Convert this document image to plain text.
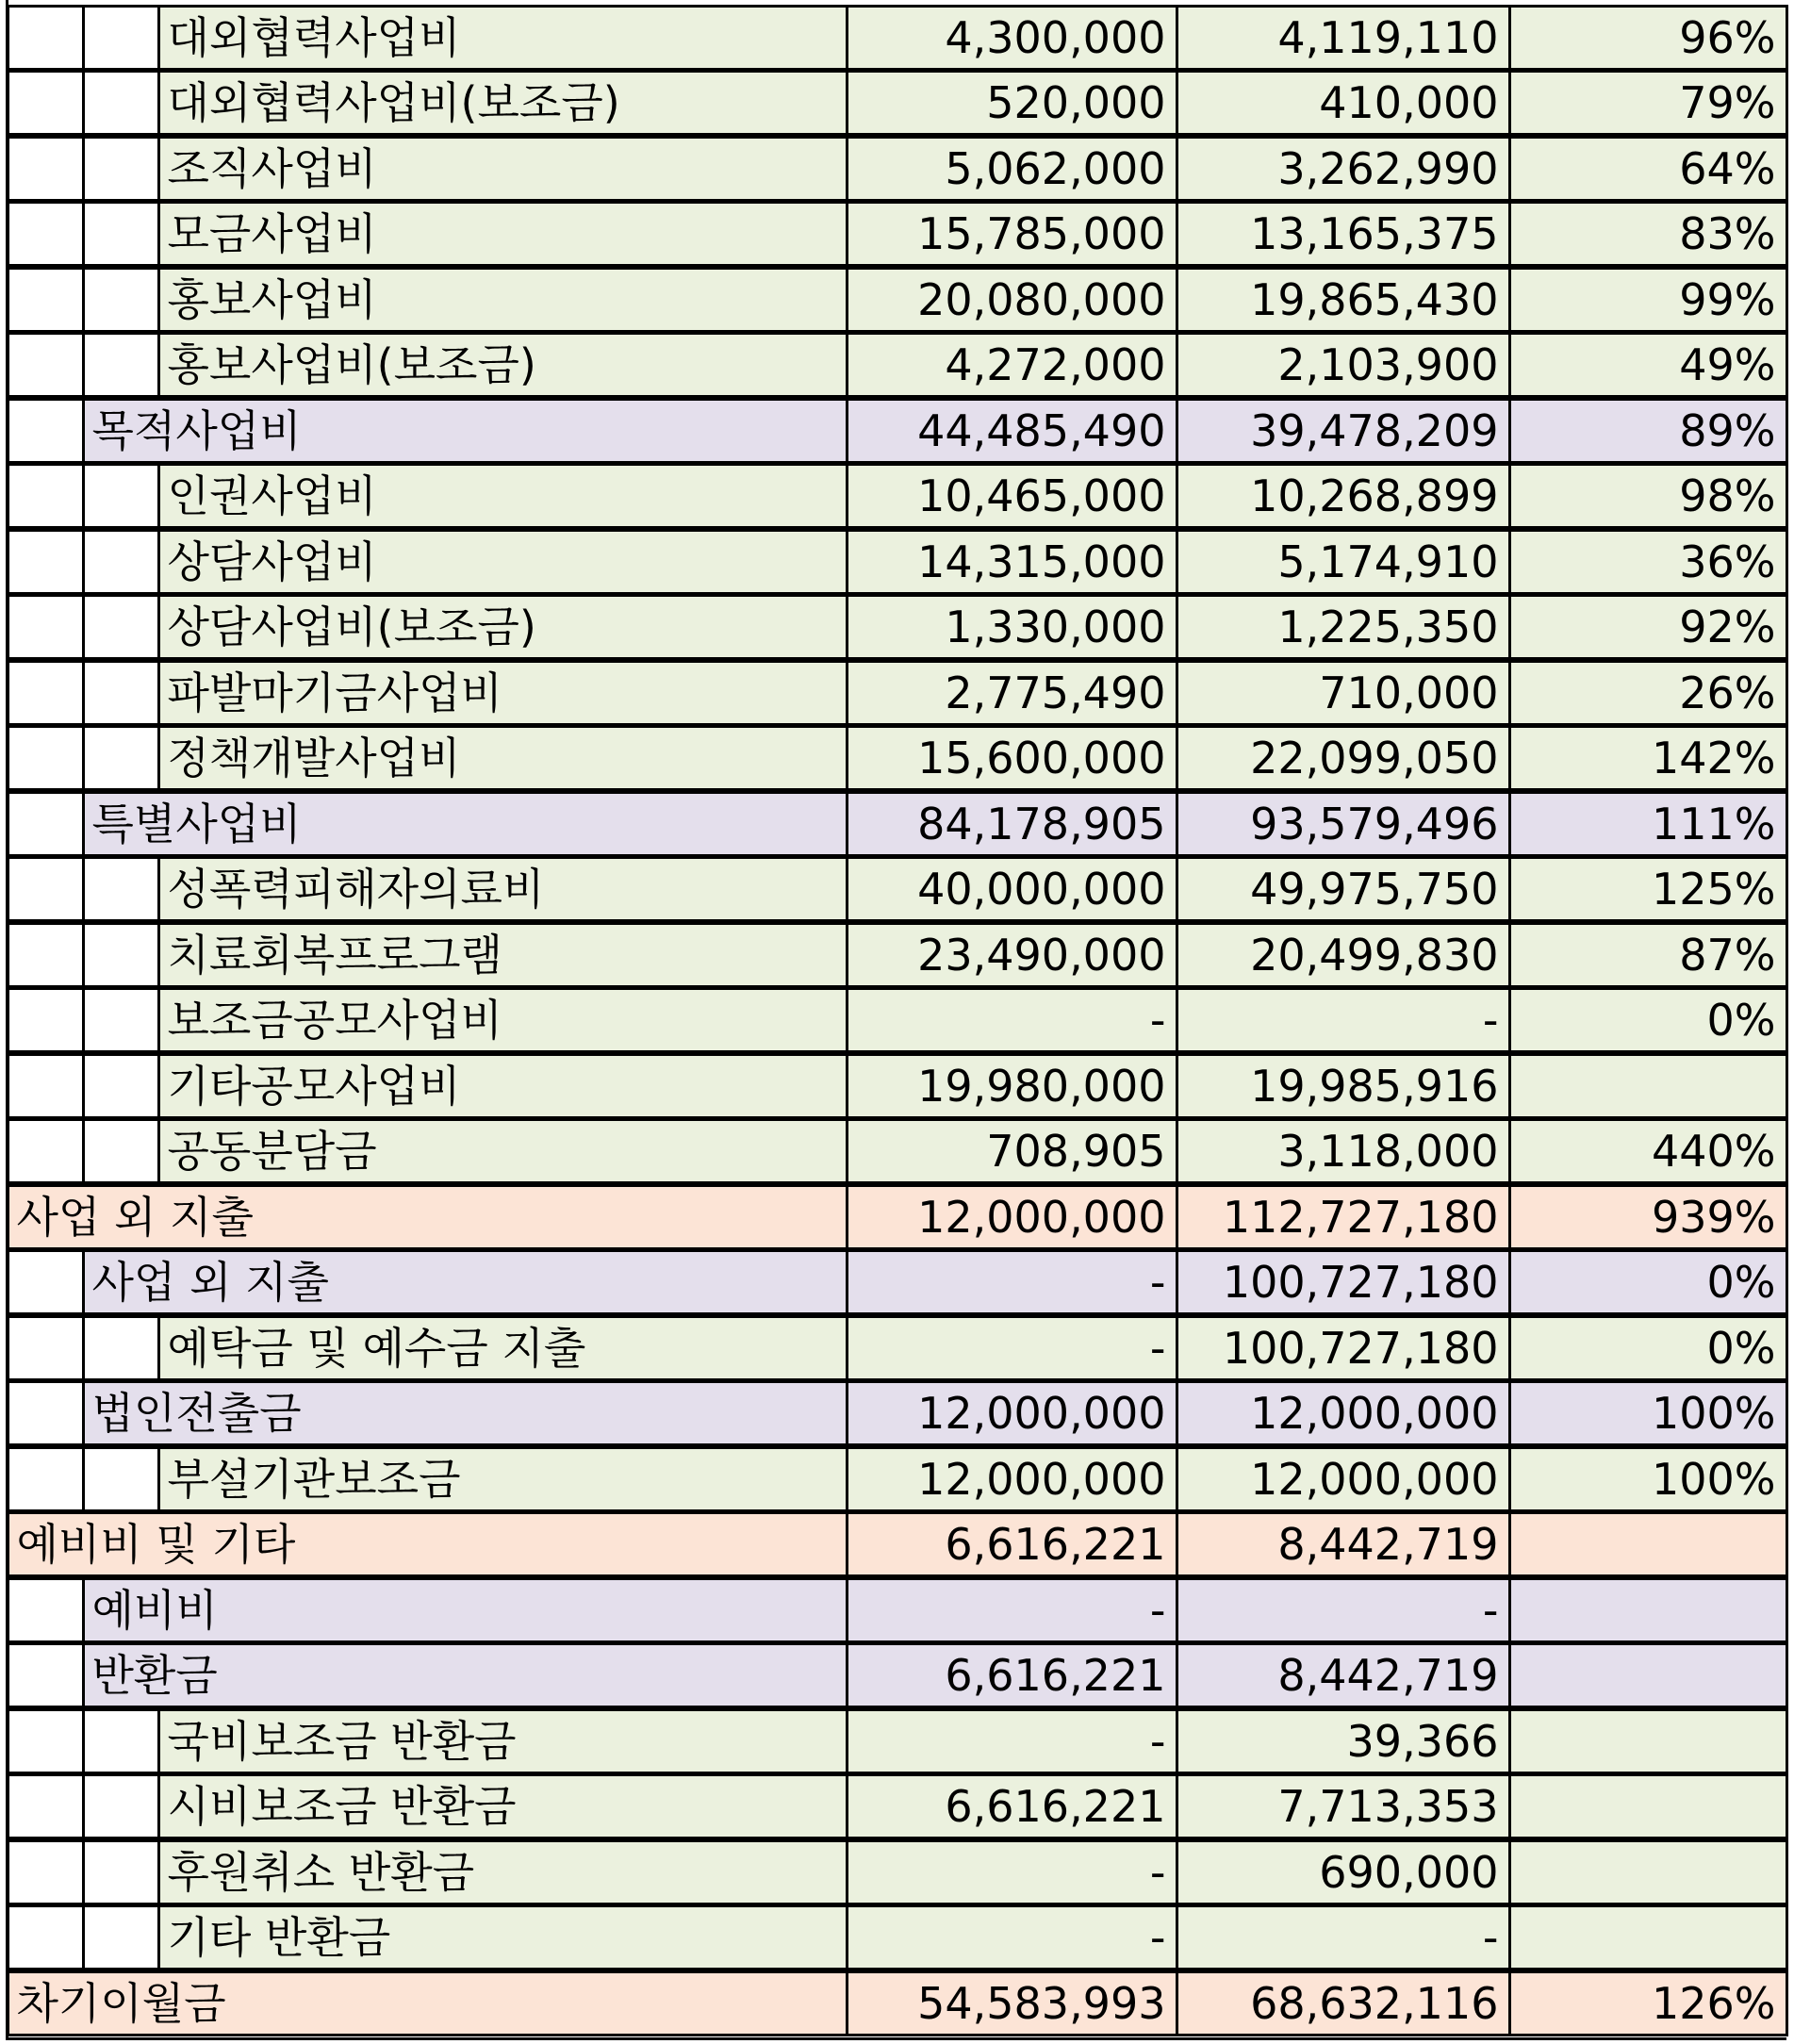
대외협력사업비	4,300,000	4,119,110	96%
대외협력사업비(보조금)	520,000	410,000	79%
조직사업비	5,062,000	3,262,990	64%
모금사업비	15,785,000	13,165,375	83%
홍보사업비	20,080,000	19,865,430	99%
홍보사업비(보조금)	4,272,000	2,103,900	49%
목적사업비	44,485,490	39,478,209	89%
인권사업비	10,465,000	10,268,899	98%
상담사업비	14,315,000	5,174,910	36%
상담사업비(보조금)	1,330,000	1,225,350	92%
파발마기금사업비	2,775,490	710,000	26%
정책개발사업비	15,600,000	22,099,050	142%
특별사업비	84,178,905	93,579,496	111%
성폭력피해자의료비	40,000,000	49,975,750	125%
치료회복프로그램	23,490,000	20,499,830	87%
보조금공모사업비	-	-	0%
기타공모사업비	19,980,000	19,985,916
공동분담금	708,905	3,118,000	440%
사업 외 지출	12,000,000	112,727,180	939%
사업 외 지출	-	100,727,180	0%
예탁금 및 예수금 지출	-	100,727,180	0%
법인전출금	12,000,000	12,000,000	100%
부설기관보조금	12,000,000	12,000,000	100%
예비비 및 기타	6,616,221	8,442,719
예비비	-	-
반환금	6,616,221	8,442,719
국비보조금 반환금	-	39,366
시비보조금 반환금	6,616,221	7,713,353
후원취소 반환금	-	690,000
기타 반환금	-	-
차기이월금	54,583,993	68,632,116	126%
